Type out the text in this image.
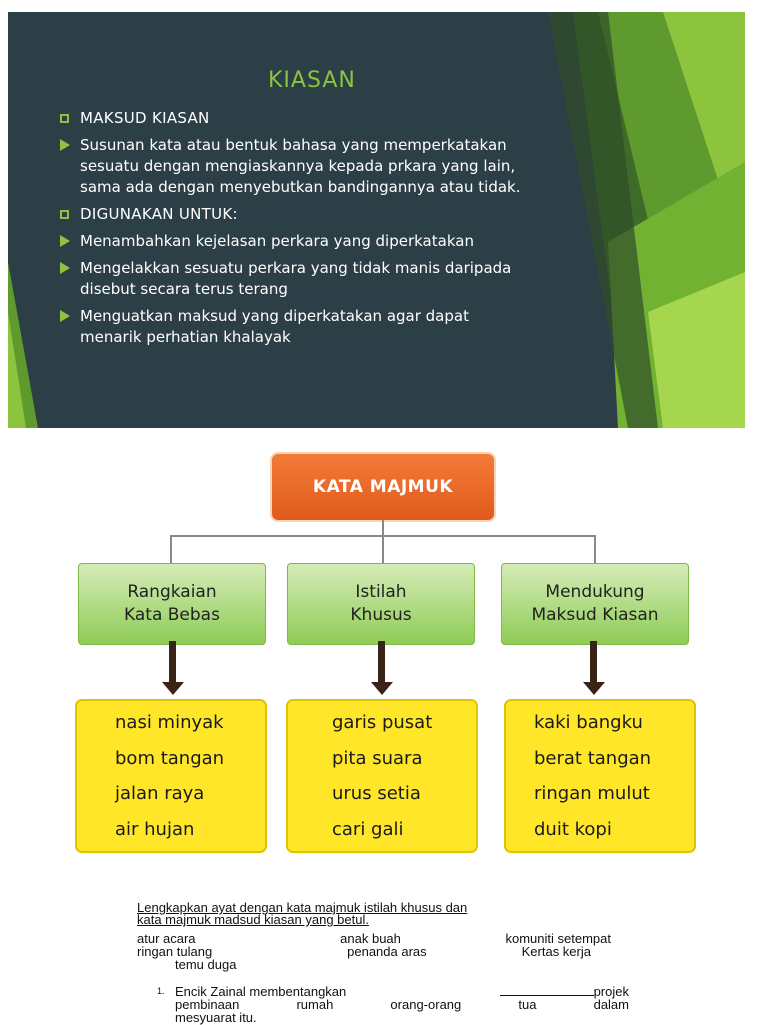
KIASAN
MAKSUD KIASAN
Susunan kata atau bentuk bahasa yang memperkatakan
sesuatu dengan mengiaskannya kepada prkara yang lain,
sama ada dengan menyebutkan bandingannya atau tidak.
DIGUNAKAN UNTUK:
Menambahkan kejelasan perkara yang diperkatakan
Mengelakkan sesuatu perkara yang tidak manis daripada
disebut secara terus terang
Menguatkan maksud yang diperkatakan agar dapat
menarik perhatian khalayak
KATA MAJMUK
Rangkaian
Kata Bebas
Istilah
Khusus
Mendukung
Maksud Kiasan
nasi minyak
bom tangan
jalan raya
air hujan
garis pusat
pita suara
urus setia
cari gali
kaki bangku
berat tangan
ringan mulut
duit kopi
Lengkapkan ayat dengan kata majmuk istilah khusus dan
kata majmuk madsud kiasan yang betul.
atur acara	anak buah	komuniti setempat
ringan tulang	penanda aras	Kertas kerja
temu duga
1. Encik Zainal membentangkan	projek
pembinaan rumah orang-orang tua dalam
mesyuarat itu.
